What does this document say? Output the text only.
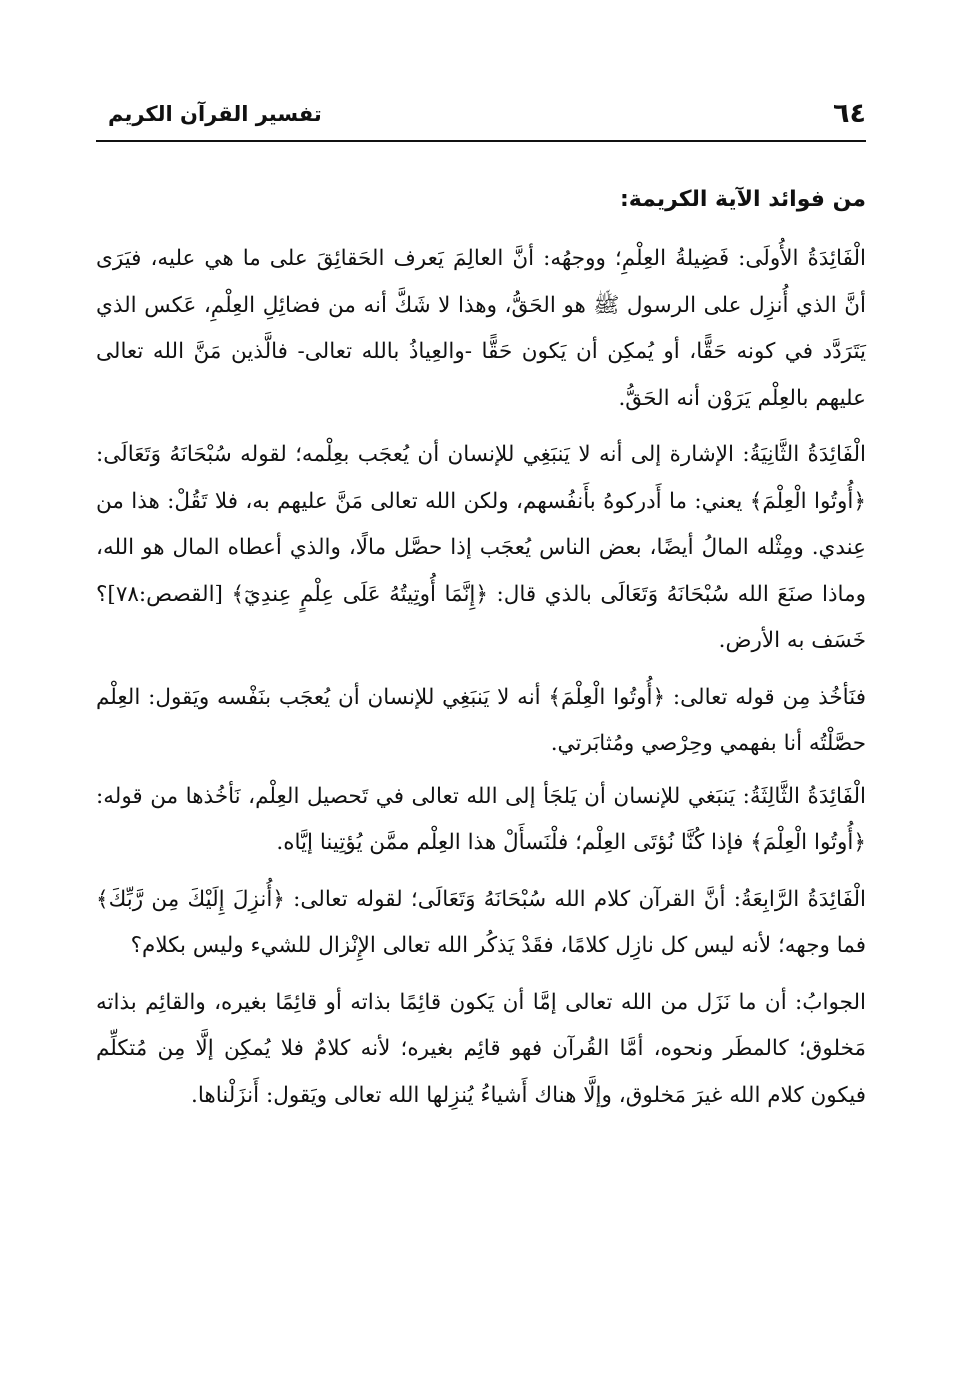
٦٤
تفسير القرآن الكريم
من فوائد الآية الكريمة:

الْفَائِدَةُ الأُولَى: فَضِيلةُ العِلْمِ؛ ووجهُه: أنَّ العالِمَ يَعرف الحَقائِقَ على ما هي عليه، فيَرَى أنَّ الذي أُنزِل على الرسول ﷺ هو الحَقُّ، وهذا لا شَكَّ أنه من فضائِلِ العِلْمِ، عَكس الذي يَتَرَدَّد في كونه حَقًّا، أو يُمكِن أن يَكون حَقًّا -والعِياذُ بالله تعالى- فالَّذين مَنَّ الله تعالى عليهم بالعِلْم يَرَوْن أنه الحَقُّ.

الْفَائِدَةُ الثَّانِيَةُ: الإشارة إلى أنه لا يَنبَغِي للإنسان أن يُعجَب بعِلْمه؛ لقوله سُبْحَانَهُ وَتَعَالَى: ﴿أُوتُوا الْعِلْمَ﴾ يعني: ما أَدركوهُ بأَنفُسهم، ولكن الله تعالى مَنَّ عليهم به، فلا تَقُلْ: هذا من عِندي. ومِثْله المالُ أيضًا، بعض الناس يُعجَب إذا حصَّل مالًا، والذي أعطاه المال هو الله، وماذا صنَعَ الله سُبْحَانَهُ وَتَعَالَى بالذي قال: ﴿إِنَّمَا أُوتِيتُهُ عَلَى عِلْمٍ عِندِيٓ﴾ [القصص:٧٨]؟ خَسَف به الأرض.

فنَأخُذ مِن قوله تعالى: ﴿أُوتُوا الْعِلْمَ﴾ أنه لا يَنبَغِي للإنسان أن يُعجَب بنَفْسه ويَقول: العِلْم حصَّلْتُه أنا بفهمي وحِرْصي ومُثابَرتي.

الْفَائِدَةُ الثَّالِثَةُ: يَنبَغي للإنسان أن يَلجَأ إلى الله تعالى في تَحصيل العِلْم، نَأخُذها من قوله: ﴿أُوتُوا الْعِلْمَ﴾ فإذا كُنَّا نُؤتَى العِلْم؛ فلْنَسأَلْ هذا العِلْم ممَّن يُؤتِينا إيَّاه.

الْفَائِدَةُ الرَّابِعَةُ: أنَّ القرآن كلام الله سُبْحَانَهُ وَتَعَالَى؛ لقوله تعالى: ﴿أُنزِلَ إِلَيْكَ مِن رَّبِّكَ﴾ فما وجهه؛ لأنه ليس كل نازِل كلامًا، فقَدْ يَذكُر الله تعالى الإِنْزال للشيء وليس بكلام؟

الجوابُ: أن ما نَزَل من الله تعالى إمَّا أن يَكون قائِمًا بذاته أو قائِمًا بغيره، والقائِم بذاته مَخلوق؛ كالمطَر ونحوه، أمَّا القُرآن فهو قائِم بغيره؛ لأنه كلامٌ فلا يُمكِن إلَّا مِن مُتكلِّم فيكون كلام الله غيرَ مَخلوق، وإلَّا هناك أَشياءُ يُنزِلها الله تعالى ويَقول: أَنزَلْناها.
